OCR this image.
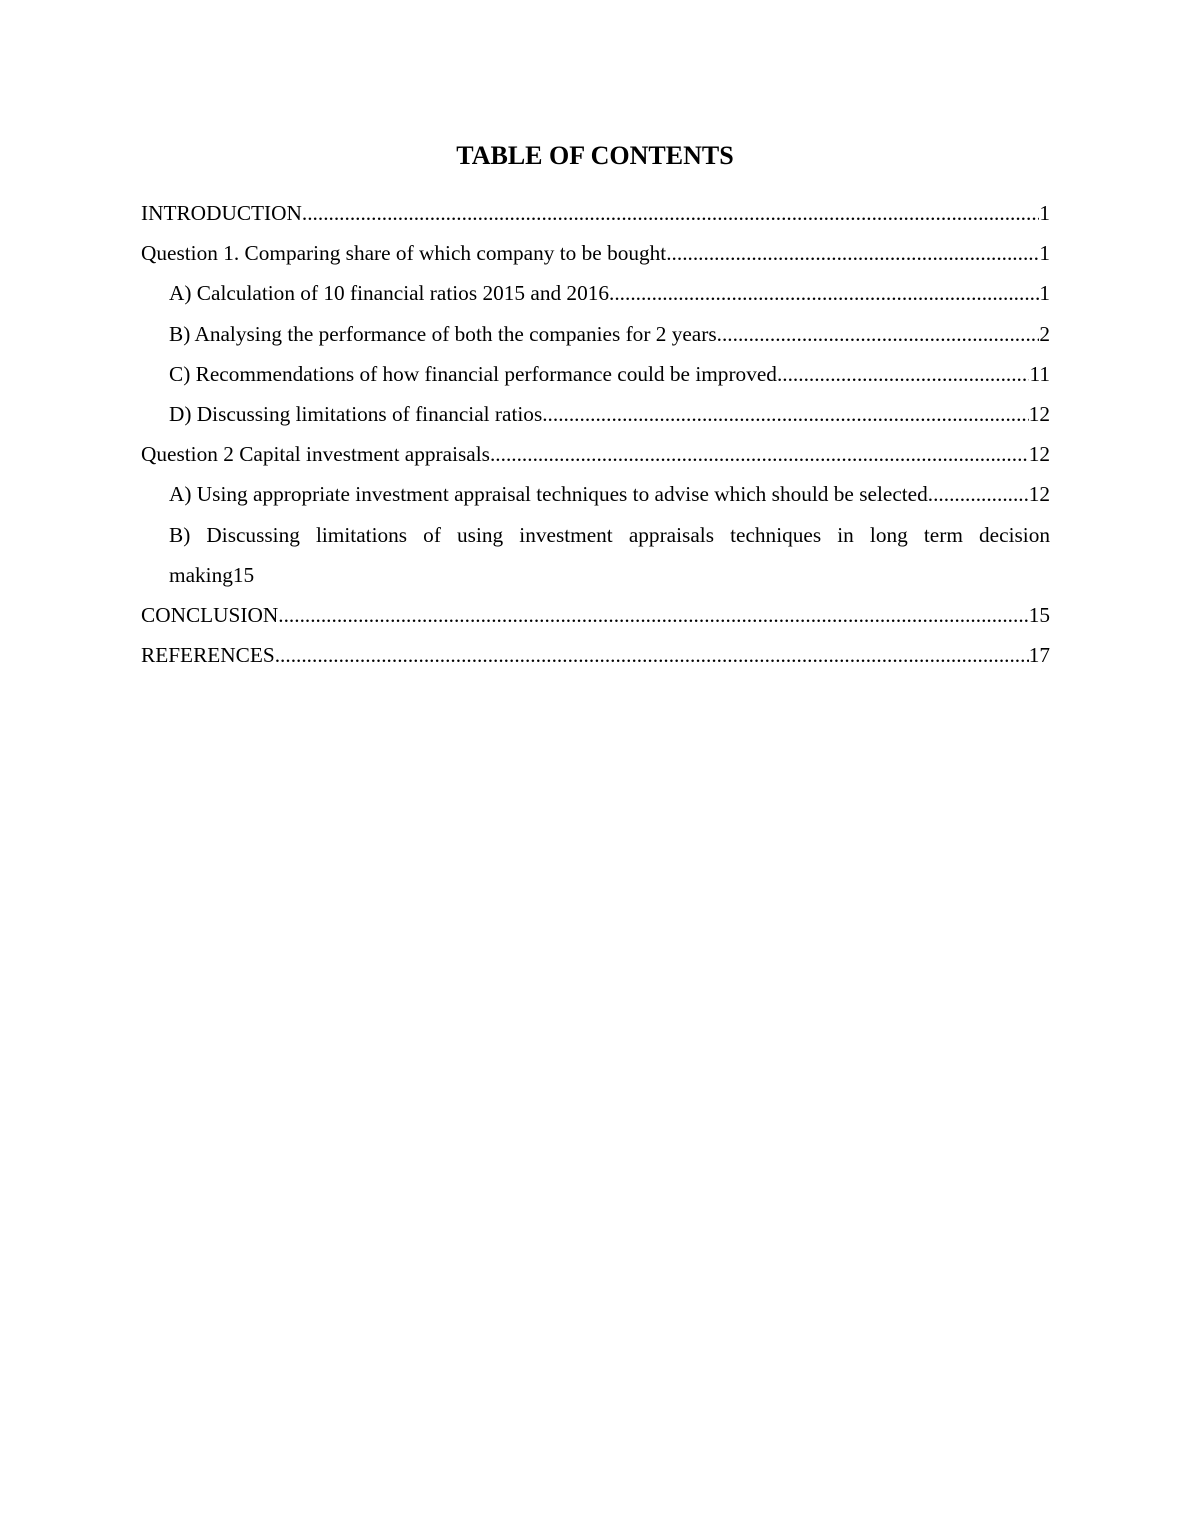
TABLE OF CONTENTS
INTRODUCTION .....	1
Question 1. Comparing share of which company to be bought .....	1
A) Calculation of 10 financial ratios 2015 and 2016 .....	1
B) Analysing the performance of both the companies for 2 years .....	2
C) Recommendations of how financial performance could be improved .....	11
D) Discussing limitations of financial ratios .....	12
Question 2 Capital investment appraisals .....	12
A) Using appropriate investment appraisal techniques to advise which should be selected. .....	12
B) Discussing limitations of using investment appraisals techniques in long term decision
making 15
CONCLUSION .....	15
REFERENCES .....	17
